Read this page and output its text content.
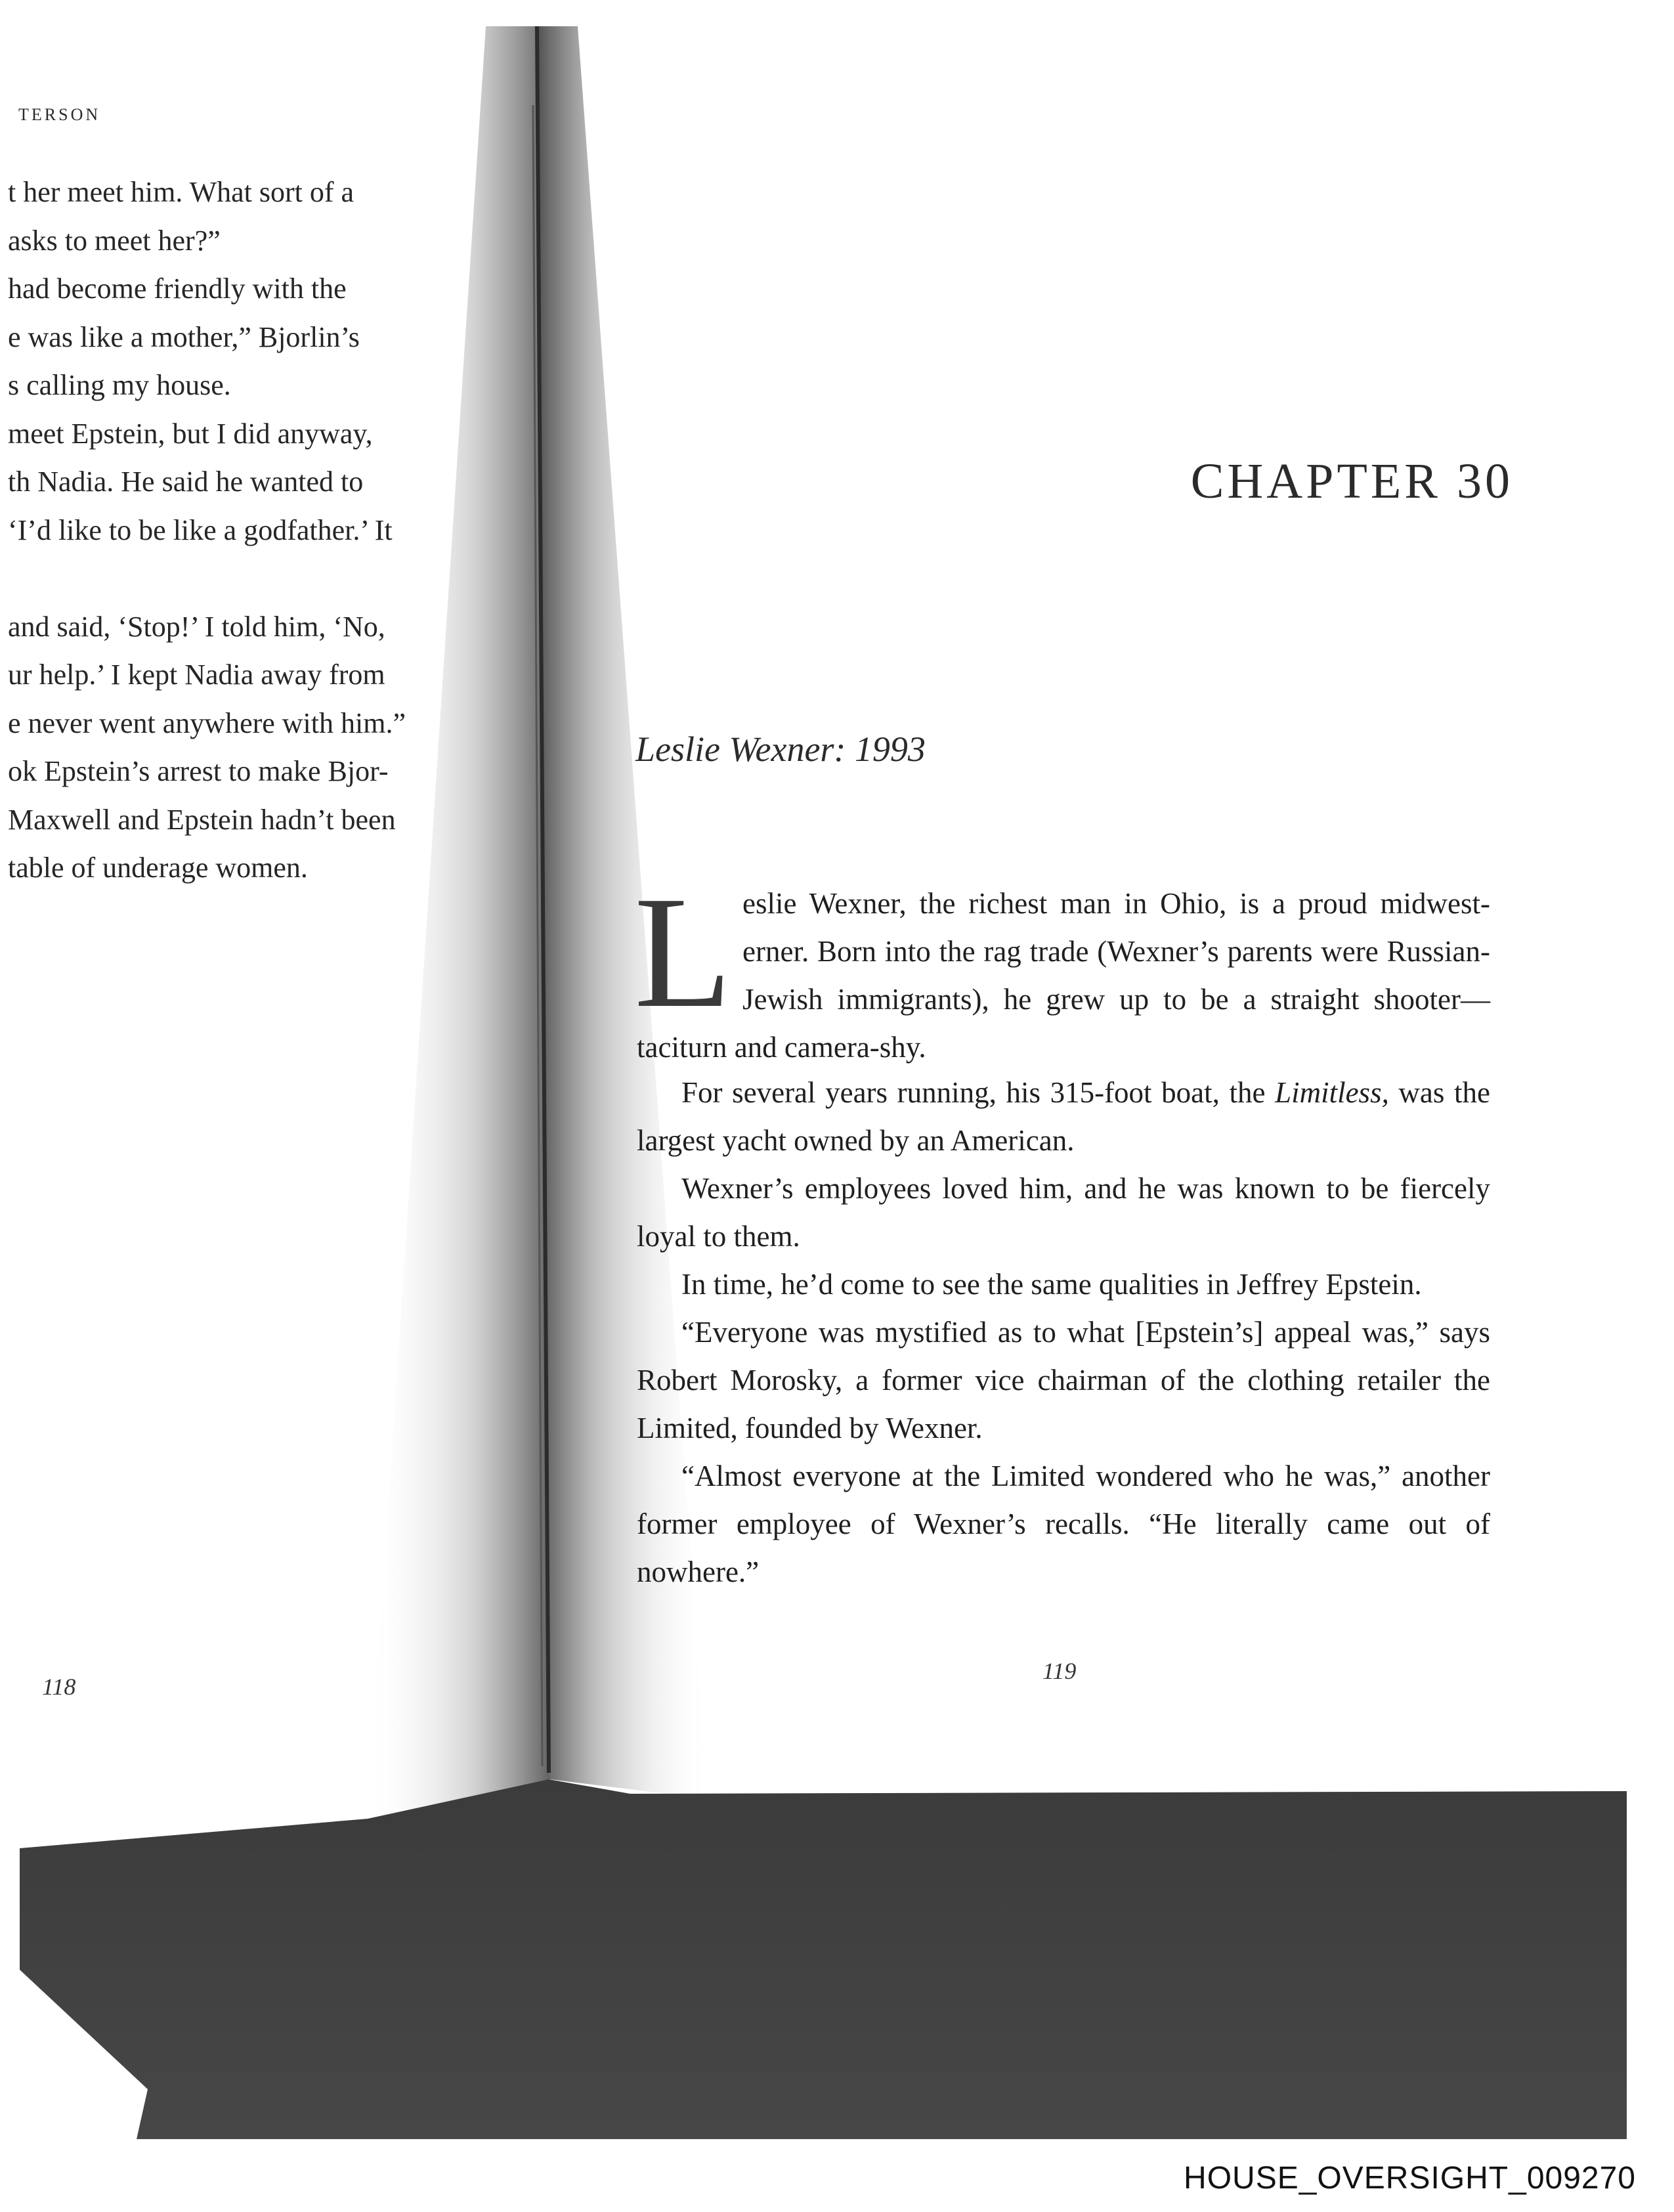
TERSON
t her meet him. What sort of a
asks to meet her?”
had become friendly with the
e was like a mother,” Bjorlin’s
s calling my house.
meet Epstein, but I did anyway,
th Nadia. He said he wanted to
‘I’d like to be like a godfather.’ It
and said, ‘Stop!’ I told him, ‘No,
ur help.’ I kept Nadia away from
e never went anywhere with him.”
ok Epstein’s arrest to make Bjor-
Maxwell and Epstein hadn’t been
table of underage women.
118
CHAPTER 30
Leslie Wexner: 1993

Leslie Wexner, the richest man in Ohio, is a proud midwest-erner. Born into the rag trade (Wexner’s parents were Russian-Jewish immigrants), he grew up to be a straight shooter—taciturn and camera-shy.

For several years running, his 315-foot boat, the Limitless, was the largest yacht owned by an American.

Wexner’s employees loved him, and he was known to be fiercely loyal to them.

In time, he’d come to see the same qualities in Jeffrey Epstein.

“Everyone was mystified as to what [Epstein’s] appeal was,” says Robert Morosky, a former vice chairman of the clothing retailer the Limited, founded by Wexner.

“Almost everyone at the Limited wondered who he was,” another former employee of Wexner’s recalls. “He literally came out of nowhere.”

119
HOUSE_OVERSIGHT_009270
